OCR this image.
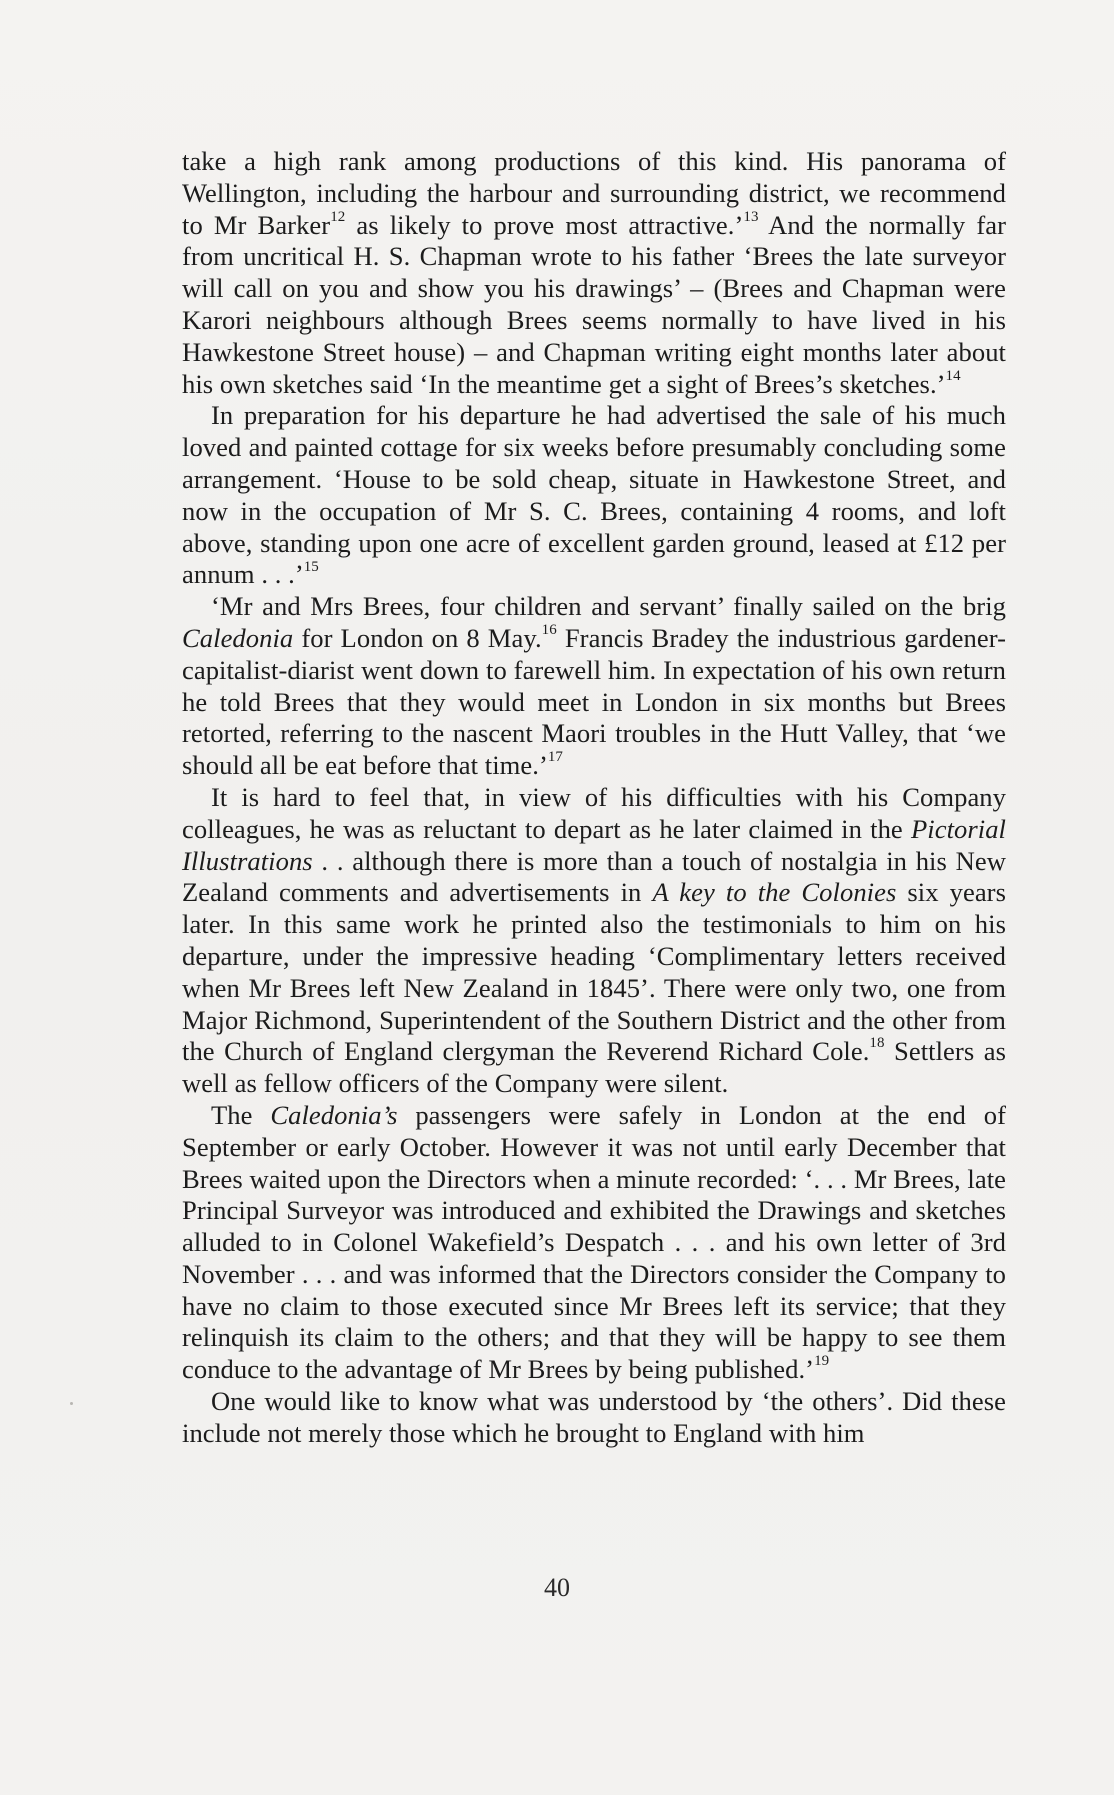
take a high rank among productions of this kind. His panorama of Wellington, including the harbour and surrounding district, we recommend to Mr Barker$^{12}$ as likely to prove most attractive.’$^{13}$ And the normally far from uncritical H. S. Chapman wrote to his father ‘Brees the late surveyor will call on you and show you his drawings’ – (Brees and Chapman were Karori neighbours although Brees seems normally to have lived in his Hawkestone Street house) – and Chapman writing eight months later about his own sketches said ‘In the meantime get a sight of Brees’s sketches.’$^{14}$

In preparation for his departure he had advertised the sale of his much loved and painted cottage for six weeks before presumably concluding some arrangement. ‘House to be sold cheap, situate in Hawkestone Street, and now in the occupation of Mr S. C. Brees, containing 4 rooms, and loft above, standing upon one acre of excellent garden ground, leased at £12 per annum . . .’$^{15}$

‘Mr and Mrs Brees, four children and servant’ finally sailed on the brig Caledonia for London on 8 May.$^{16}$ Francis Bradey the industrious gardener-capitalist-diarist went down to farewell him. In expectation of his own return he told Brees that they would meet in London in six months but Brees retorted, referring to the nascent Maori troubles in the Hutt Valley, that ‘we should all be eat before that time.’$^{17}$

It is hard to feel that, in view of his difficulties with his Company colleagues, he was as reluctant to depart as he later claimed in the Pictorial Illustrations . . although there is more than a touch of nostalgia in his New Zealand comments and advertisements in A key to the Colonies six years later. In this same work he printed also the testimonials to him on his departure, under the impressive heading ‘Complimentary letters received when Mr Brees left New Zealand in 1845’. There were only two, one from Major Richmond, Superintendent of the Southern District and the other from the Church of England clergyman the Reverend Richard Cole.$^{18}$ Settlers as well as fellow officers of the Company were silent.

The Caledonia’s passengers were safely in London at the end of September or early October. However it was not until early December that Brees waited upon the Directors when a minute recorded: ‘. . . Mr Brees, late Principal Surveyor was introduced and exhibited the Drawings and sketches alluded to in Colonel Wakefield’s Despatch . . . and his own letter of 3rd November . . . and was informed that the Directors consider the Company to have no claim to those executed since Mr Brees left its service; that they relinquish its claim to the others; and that they will be happy to see them conduce to the advantage of Mr Brees by being published.’$^{19}$

One would like to know what was understood by ‘the others’. Did these include not merely those which he brought to England with him

40
